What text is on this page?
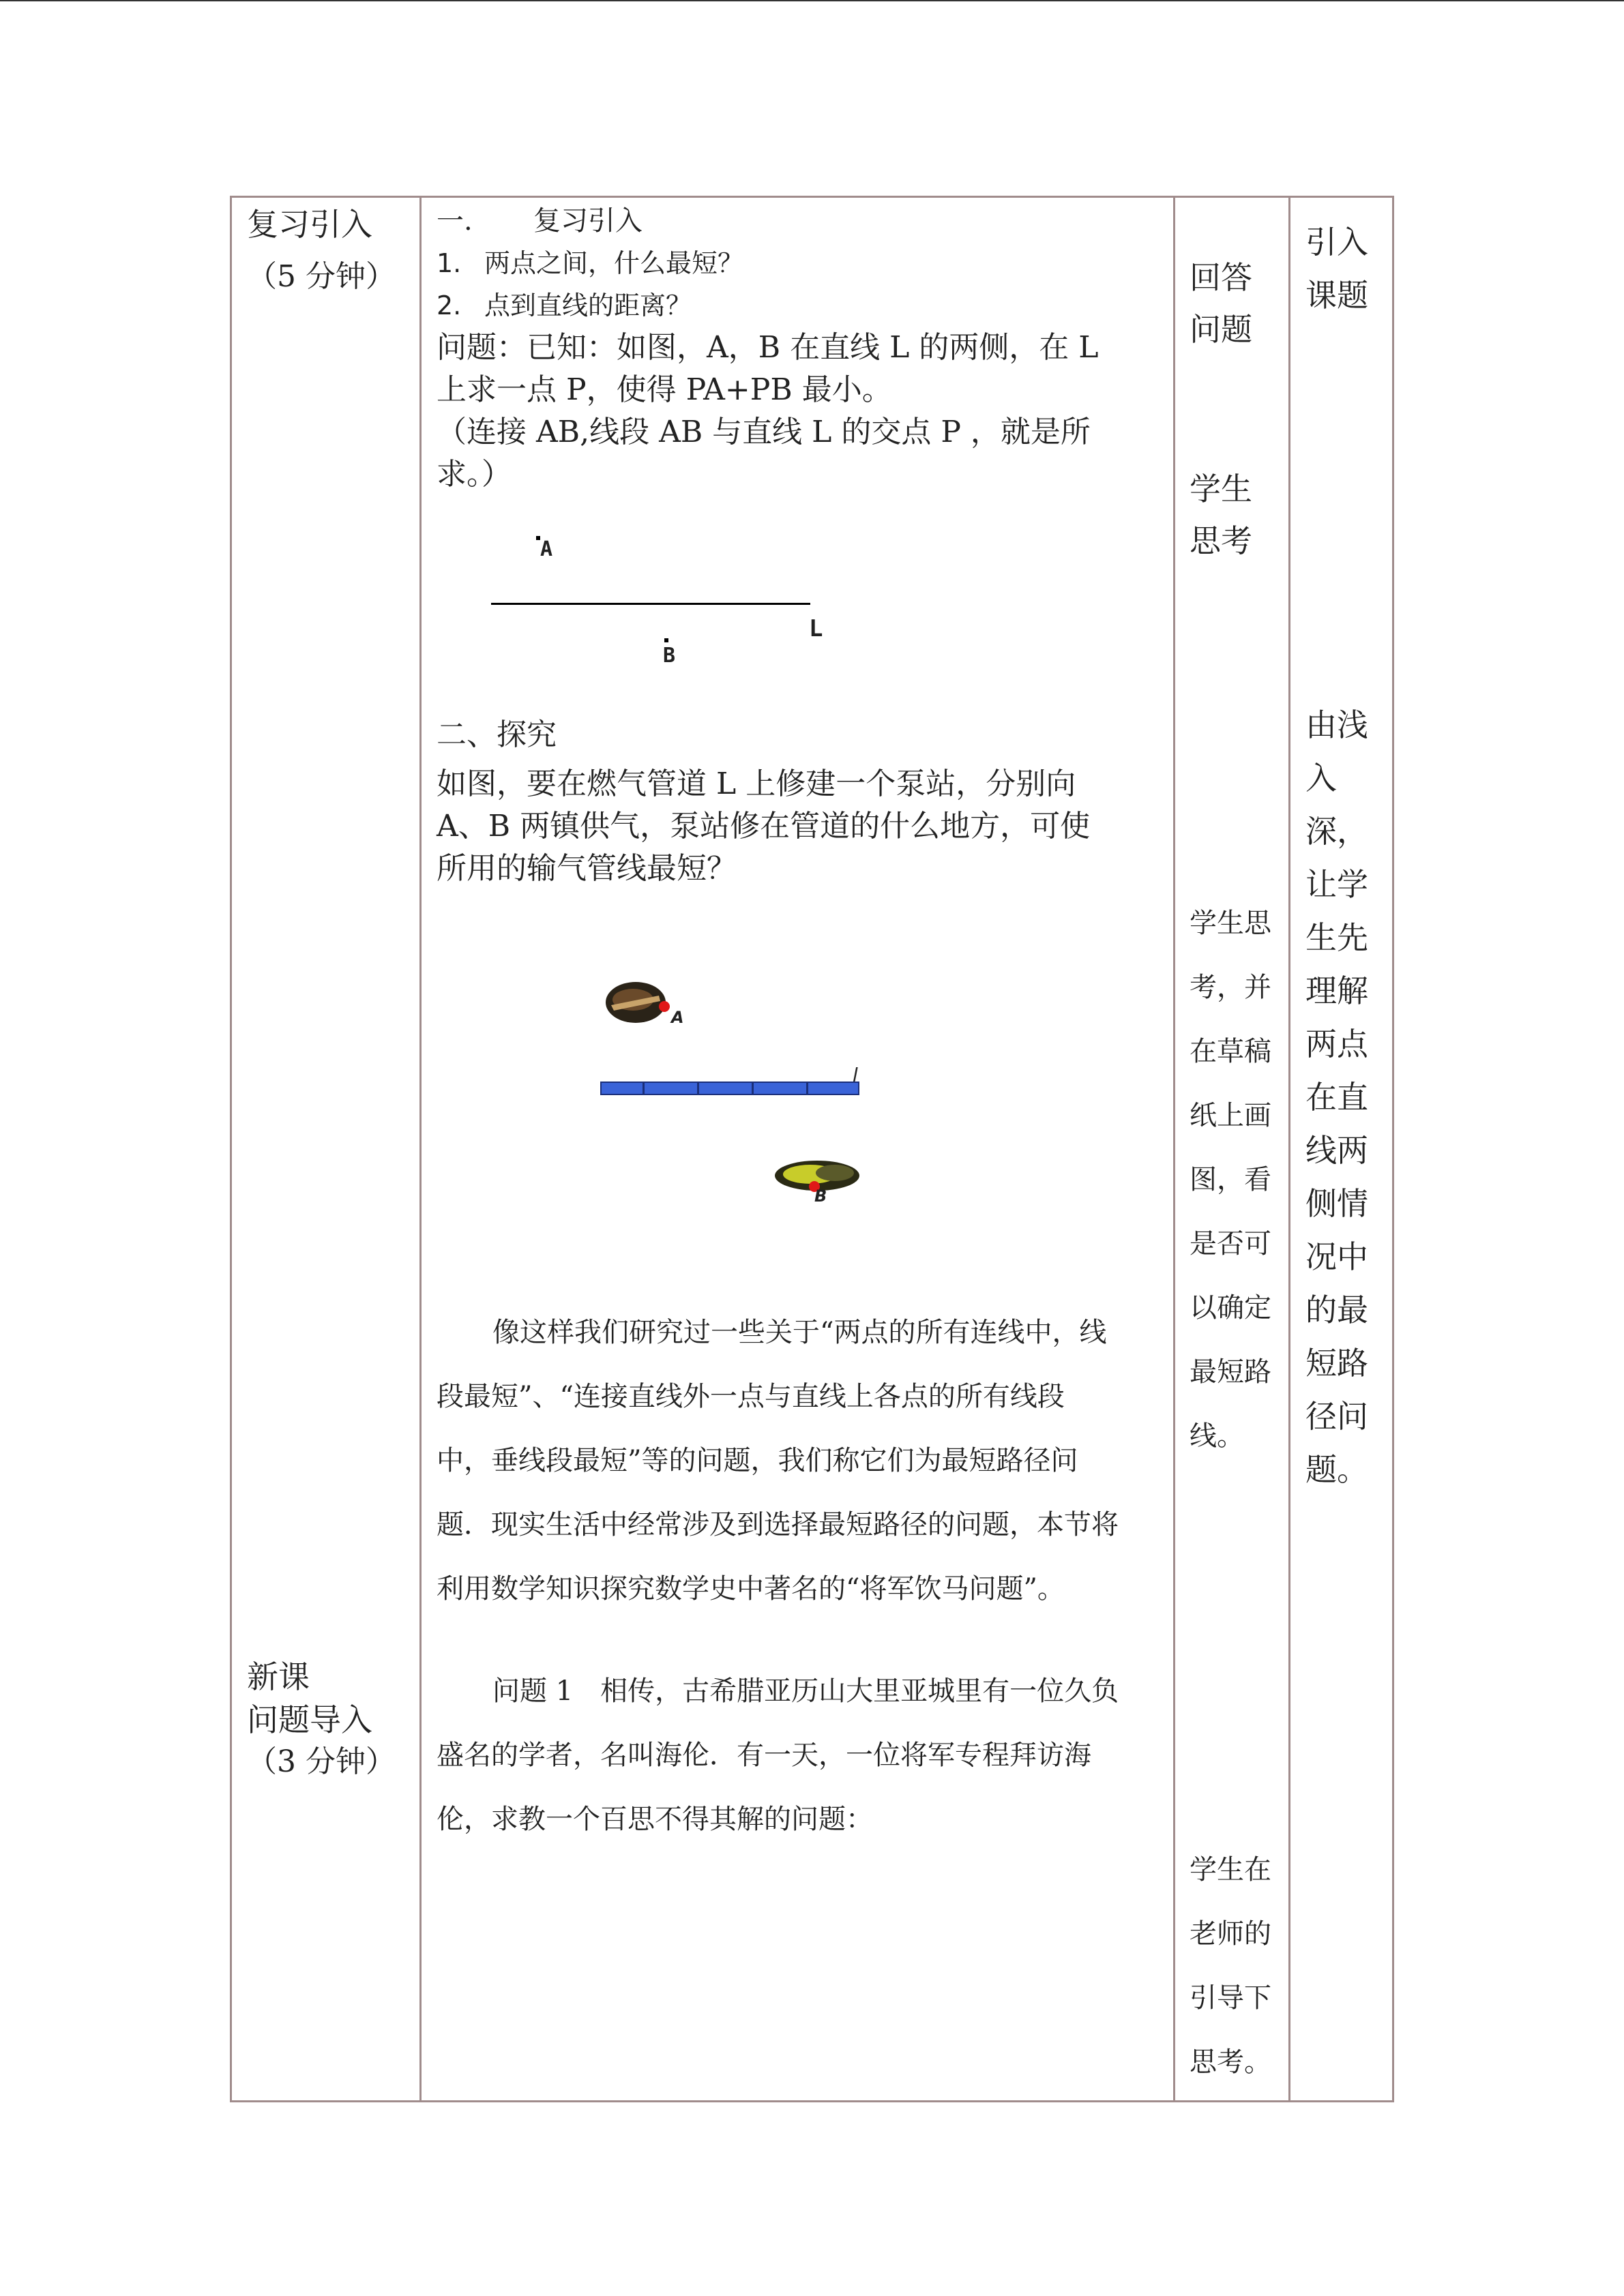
复习引入
（5 分钟）
新课
问题导入
（3 分钟）
一. 复习引入
1. 两点之间，什么最短？
2. 点到直线的距离？
问题：已知：如图，A，B 在直线 L 的两侧，在 L
上求一点 P，使得 PA+PB 最小。
（连接 AB,线段 AB 与直线 L 的交点 P ，就是所
求。）
A
L
B
二、探究
如图，要在燃气管道 L 上修建一个泵站，分别向
A、B 两镇供气，泵站修在管道的什么地方，可使
所用的输气管线最短？
A
l
B
像这样我们研究过一些关于“两点的所有连线中，线
段最短”、“连接直线外一点与直线上各点的所有线段
中，垂线段最短”等的问题，我们称它们为最短路径问
题．现实生活中经常涉及到选择最短路径的问题，本节将
利用数学知识探究数学史中著名的“将军饮马问题”。
问题 1　相传，古希腊亚历山大里亚城里有一位久负
盛名的学者，名叫海伦．有一天，一位将军专程拜访海
伦，求教一个百思不得其解的问题：
回答
问题
学生
思考
学生思
考，并
在草稿
纸上画
图，看
是否可
以确定
最短路
线。
学生在
老师的
引导下
思考。
引入
课题
由浅
入
深，
让学
生先
理解
两点
在直
线两
侧情
况中
的最
短路
径问
题。
